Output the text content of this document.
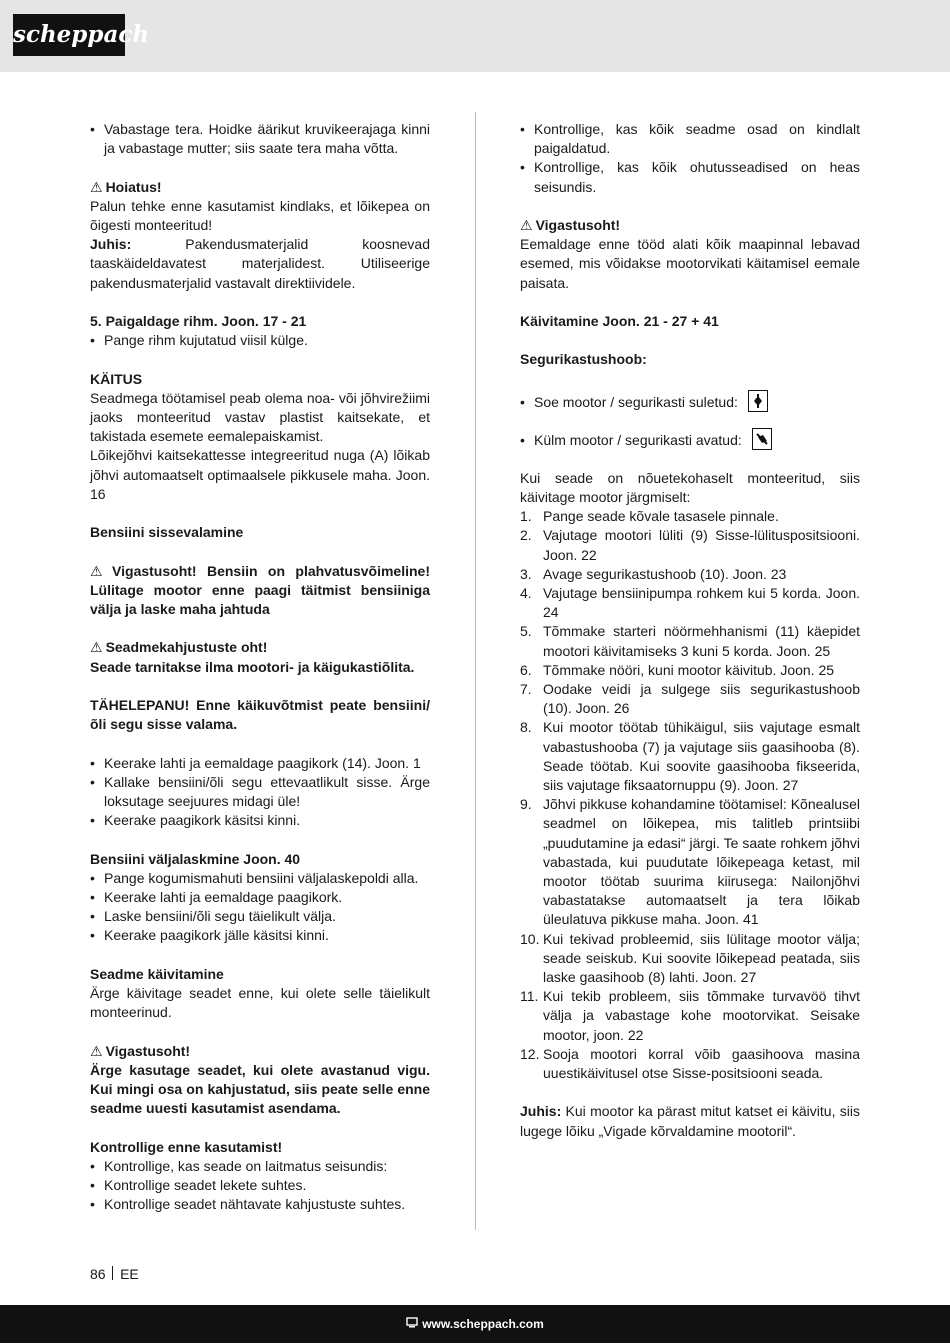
scheppach
• Vabastage tera. Hoidke äärikut kruvikeerajaga kinni ja vabastage mutter; siis saate tera maha võtta.

⚠ Hoiatus!

Palun tehke enne kasutamist kindlaks, et lõikepea on õigesti monteeritud!

Juhis: Pakendusmaterjalid koosnevad taaskäideldavatest materjalidest. Utiliseerige pakendusmaterjalid vastavalt direktiividele.

5. Paigaldage rihm. Joon. 17 - 21

• Pange rihm kujutatud viisil külge.

KÄITUS

Seadmega töötamisel peab olema noa- või jõhvirežiimi jaoks monteeritud vastav plastist kaitsekate, et takistada esemete eemalepaiskamist.

Lõikejõhvi kaitsekattesse integreeritud nuga (A) lõikab jõhvi automaatselt optimaalsele pikkusele maha. Joon. 16

Bensiini sissevalamine

⚠ Vigastusoht! Bensiin on plahvatusvõimeline! Lülitage mootor enne paagi täitmist bensiiniga välja ja laske maha jahtuda

⚠ Seadmekahjustuste oht!

Seade tarnitakse ilma mootori- ja käigukastiõlita.

TÄHELEPANU! Enne käikuvõtmist peate bensiini/õli segu sisse valama.

• Keerake lahti ja eemaldage paagikork (14). Joon. 1
• Kallake bensiini/õli segu ettevaatlikult sisse. Ärge loksutage seejuures midagi üle!
• Keerake paagikork käsitsi kinni.

Bensiini väljalaskmine Joon. 40

• Pange kogumismahuti bensiini väljalaskepoldi alla.
• Keerake lahti ja eemaldage paagikork.
• Laske bensiini/õli segu täielikult välja.
• Keerake paagikork jälle käsitsi kinni.

Seadme käivitamine

Ärge käivitage seadet enne, kui olete selle täielikult monteerinud.

⚠ Vigastusoht!

Ärge kasutage seadet, kui olete avastanud vigu. Kui mingi osa on kahjustatud, siis peate selle enne seadme uuesti kasutamist asendama.

Kontrollige enne kasutamist!

• Kontrollige, kas seade on laitmatus seisundis:
• Kontrollige seadet lekete suhtes.
• Kontrollige seadet nähtavate kahjustuste suhtes.
• Kontrollige, kas kõik seadme osad on kindlalt paigaldatud.
• Kontrollige, kas kõik ohutusseadised on heas seisundis.

⚠ Vigastusoht!

Eemaldage enne tööd alati kõik maapinnal lebavad esemed, mis võidakse mootorvikati käitamisel eemale paisata.

Käivitamine Joon. 21 - 27 + 41

Segurikastushoob:

• Soe mootor / segurikasti suletud:
• Külm mootor / segurikasti avatud:

Kui seade on nõuetekohaselt monteeritud, siis käivitage mootor järgmiselt:

1. Pange seade kõvale tasasele pinnale.
2. Vajutage mootori lüliti (9) Sisse-lülituspositsiooni. Joon. 22
3. Avage segurikastushoob (10). Joon. 23
4. Vajutage bensiinipumpa rohkem kui 5 korda. Joon. 24
5. Tõmmake starteri nöörmehhanismi (11) käepidet mootori käivitamiseks 3 kuni 5 korda. Joon. 25
6. Tõmmake nööri, kuni mootor käivitub. Joon. 25
7. Oodake veidi ja sulgege siis segurikastushoob (10). Joon. 26
8. Kui mootor töötab tühikäigul, siis vajutage esmalt vabastushooba (7) ja vajutage siis gaasihooba (8). Seade töötab. Kui soovite gaasihooba fikseerida, siis vajutage fiksaatornuppu (9). Joon. 27
9. Jõhvi pikkuse kohandamine töötamisel: Kõnealusel seadmel on lõikepea, mis talitleb printsiibi „puudutamine ja edasi“ järgi. Te saate rohkem jõhvi vabastada, kui puudutate lõikepeaga ketast, mil mootor töötab suurima kiirusega: Nailonjõhvi vabastatakse automaatselt ja tera lõikab üleulatuva pikkuse maha. Joon. 41
10. Kui tekivad probleemid, siis lülitage mootor välja; seade seiskub. Kui soovite lõikepead peatada, siis laske gaasihoob (8) lahti. Joon. 27
11. Kui tekib probleem, siis tõmmake turvavöö tihvt välja ja vabastage kohe mootorvikat. Seisake mootor, joon. 22
12. Sooja mootori korral võib gaasihoova masina uuestikäivitusel otse Sisse-positsiooni seada.

Juhis: Kui mootor ka pärast mitut katset ei käivitu, siis lugege lõiku „Vigade kõrvaldamine mootoril“.

86 EE
www.scheppach.com
